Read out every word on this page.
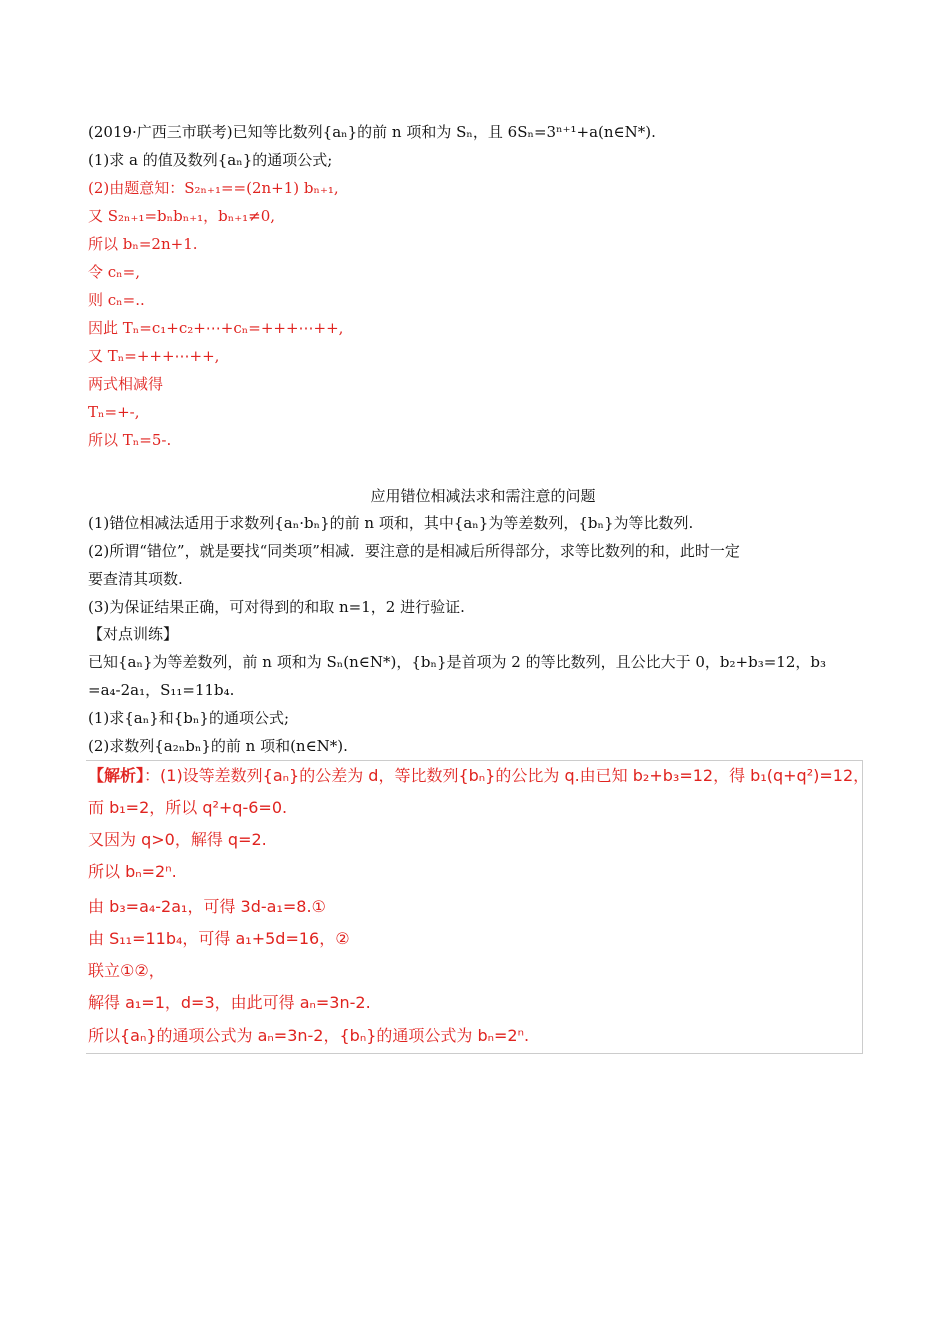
(2019·广西三市联考)已知等比数列{aₙ}的前 n 项和为 Sₙ，且 6Sₙ=3ⁿ⁺¹+a(n∈N*).
(1)求 a 的值及数列{aₙ}的通项公式;
(2)由题意知：S₂ₙ₊₁==(2n+1) bₙ₊₁,
又 S₂ₙ₊₁=bₙbₙ₊₁，bₙ₊₁≠0,
所以 bₙ=2n+1.
令 cₙ=,
则 cₙ=..
因此 Tₙ=c₁+c₂+⋯+cₙ=+++⋯++,
又 Tₙ=+++⋯++,
两式相减得
Tₙ=+-,
所以 Tₙ=5-.
应用错位相减法求和需注意的问题
(1)错位相减法适用于求数列{aₙ·bₙ}的前 n 项和，其中{aₙ}为等差数列，{bₙ}为等比数列.
(2)所谓“错位”，就是要找“同类项”相减．要注意的是相减后所得部分，求等比数列的和，此时一定
要查清其项数.
(3)为保证结果正确，可对得到的和取 n=1，2 进行验证.
【对点训练】
已知{aₙ}为等差数列，前 n 项和为 Sₙ(n∈N*)，{bₙ}是首项为 2 的等比数列，且公比大于 0，b₂+b₃=12，b₃
=a₄-2a₁，S₁₁=11b₄.
(1)求{aₙ}和{bₙ}的通项公式;
(2)求数列{a₂ₙbₙ}的前 n 项和(n∈N*).
【解析】：(1)设等差数列{aₙ}的公差为 d，等比数列{bₙ}的公比为 q.由已知 b₂+b₃=12，得 b₁(q+q²)=12，
而 b₁=2，所以 q²+q-6=0.
又因为 q>0，解得 q=2.
所以 bₙ=2ⁿ.
由 b₃=a₄-2a₁，可得 3d-a₁=8.①
由 S₁₁=11b₄，可得 a₁+5d=16，②
联立①②，
解得 a₁=1，d=3，由此可得 aₙ=3n-2.
所以{aₙ}的通项公式为 aₙ=3n-2，{bₙ}的通项公式为 bₙ=2ⁿ.
